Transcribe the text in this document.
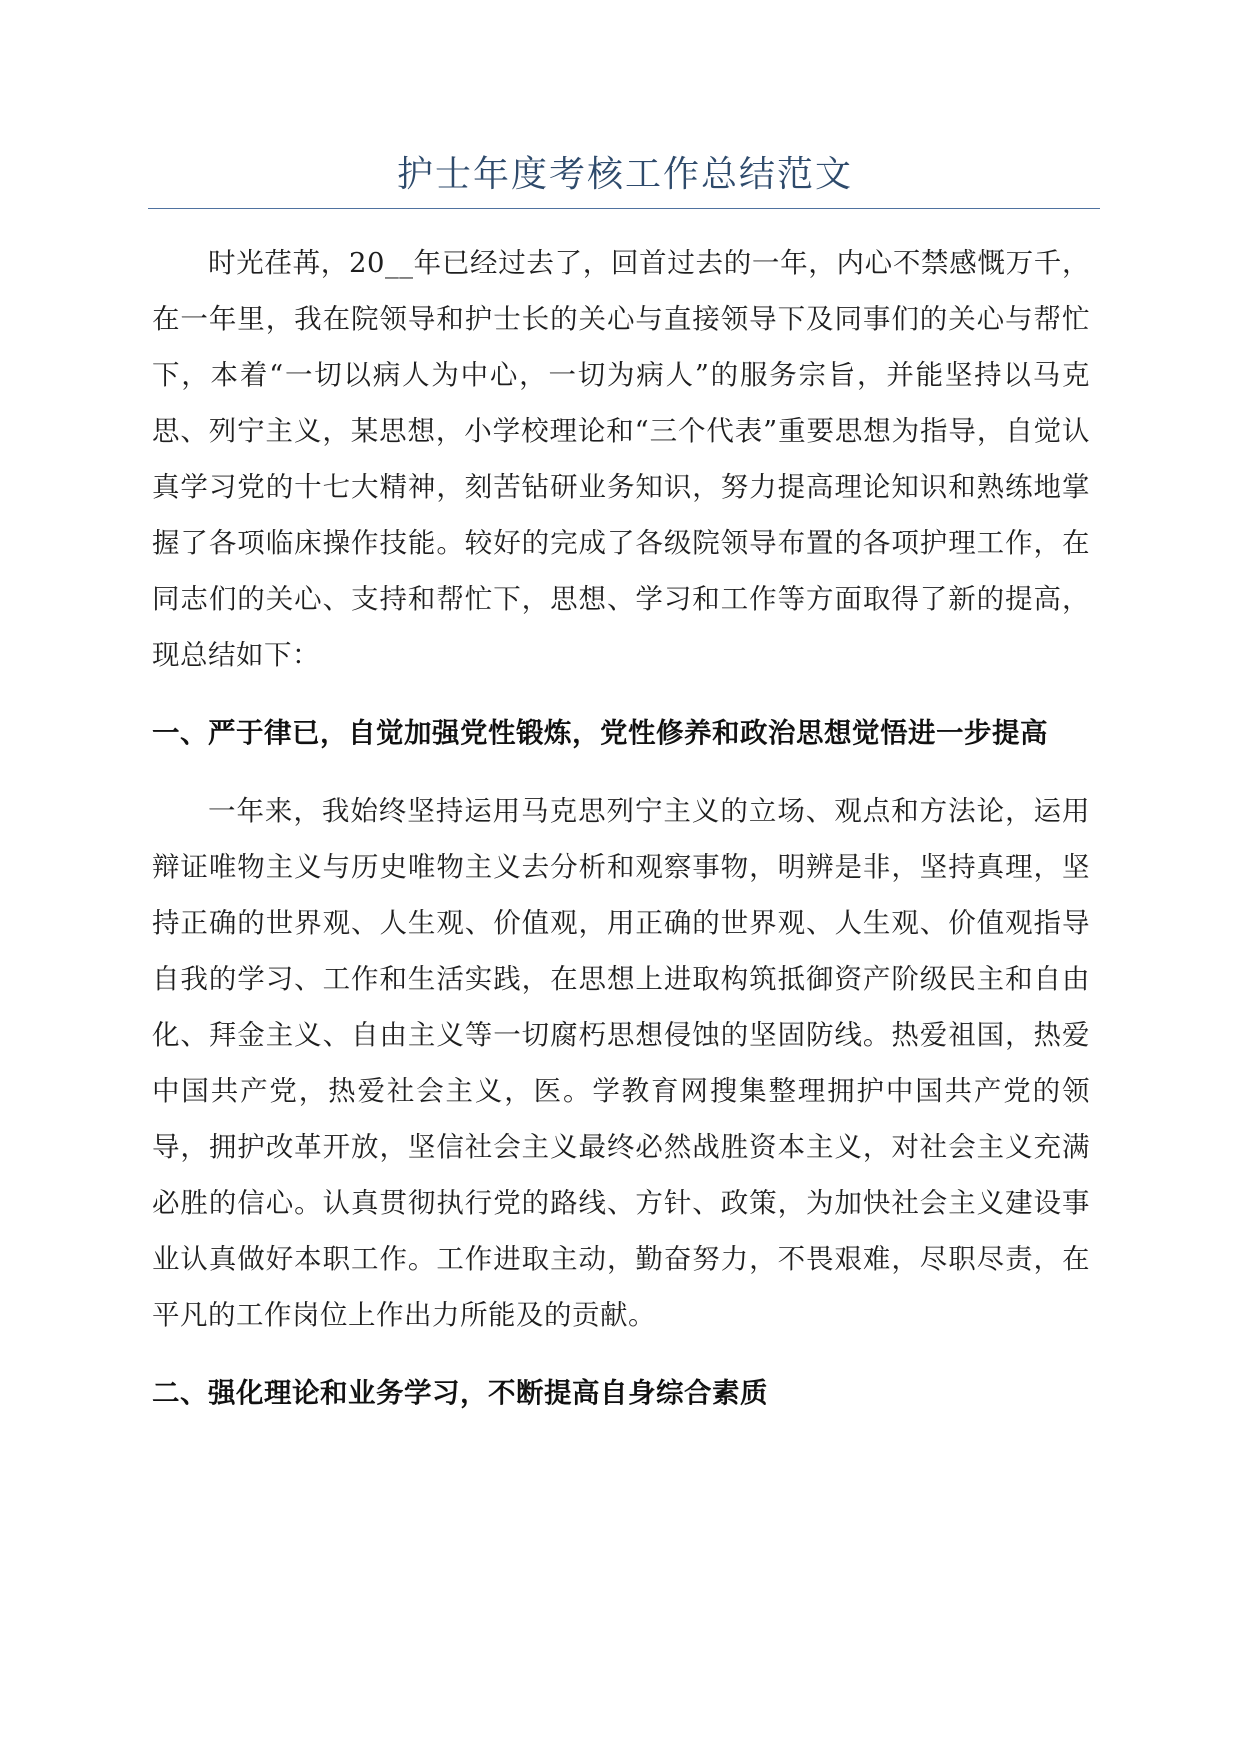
护士年度考核工作总结范文

时光荏苒，20__年已经过去了，回首过去的一年，内心不禁感慨万千，在一年里，我在院领导和护士长的关心与直接领导下及同事们的关心与帮忙下，本着“一切以病人为中心，一切为病人”的服务宗旨，并能坚持以马克思、列宁主义，某思想，小学校理论和“三个代表”重要思想为指导，自觉认真学习党的十七大精神，刻苦钻研业务知识，努力提高理论知识和熟练地掌握了各项临床操作技能。较好的完成了各级院领导布置的各项护理工作，在同志们的关心、支持和帮忙下，思想、学习和工作等方面取得了新的提高，现总结如下：

一、严于律已，自觉加强党性锻炼，党性修养和政治思想觉悟进一步提高

一年来，我始终坚持运用马克思列宁主义的立场、观点和方法论，运用辩证唯物主义与历史唯物主义去分析和观察事物，明辨是非，坚持真理，坚持正确的世界观、人生观、价值观，用正确的世界观、人生观、价值观指导自我的学习、工作和生活实践，在思想上进取构筑抵御资产阶级民主和自由化、拜金主义、自由主义等一切腐朽思想侵蚀的坚固防线。热爱祖国，热爱中国共产党，热爱社会主义，医。学教育网搜集整理拥护中国共产党的领导，拥护改革开放，坚信社会主义最终必然战胜资本主义，对社会主义充满必胜的信心。认真贯彻执行党的路线、方针、政策，为加快社会主义建设事业认真做好本职工作。工作进取主动，勤奋努力，不畏艰难，尽职尽责，在平凡的工作岗位上作出力所能及的贡献。

二、强化理论和业务学习，不断提高自身综合素质
